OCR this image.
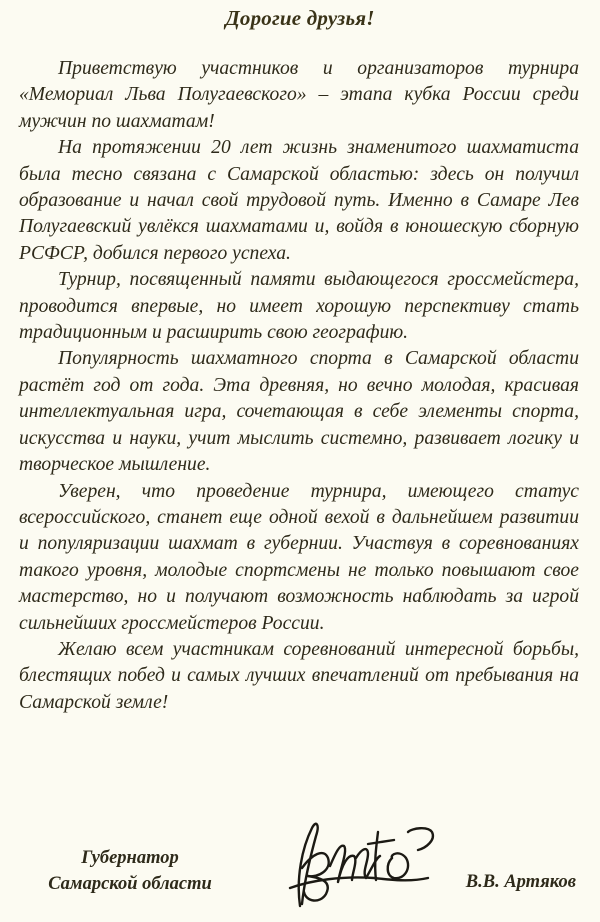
Дорогие друзья!

Приветствую участников и организаторов турнира «Мемориал Льва Полугаевского» – этапа кубка России среди мужчин по шахматам!

На протяжении 20 лет жизнь знаменитого шахматиста была тесно связана с Самарской областью: здесь он получил образование и начал свой трудовой путь. Именно в Самаре Лев Полугаевский увлёкся шахматами и, войдя в юношескую сборную РСФСР, добился первого успеха.

Турнир, посвященный памяти выдающегося гроссмейстера, проводится впервые, но имеет хорошую перспективу стать традиционным и расширить свою географию.

Популярность шахматного спорта в Самарской области растёт год от года. Эта древняя, но вечно молодая, красивая интеллектуальная игра, сочетающая в себе элементы спорта, искусства и науки, учит мыслить системно, развивает логику и творческое мышление.

Уверен, что проведение турнира, имеющего статус всероссийского, станет еще одной вехой в дальнейшем развитии и популяризации шахмат в губернии. Участвуя в соревнованиях такого уровня, молодые спортсмены не только повышают свое мастерство, но и получают возможность наблюдать за игрой сильнейших гроссмейстеров России.

Желаю всем участникам соревнований интересной борьбы, блестящих побед и самых лучших впечатлений от пребывания на Самарской земле!

Губернатор
Самарской области	В.В. Артяков
